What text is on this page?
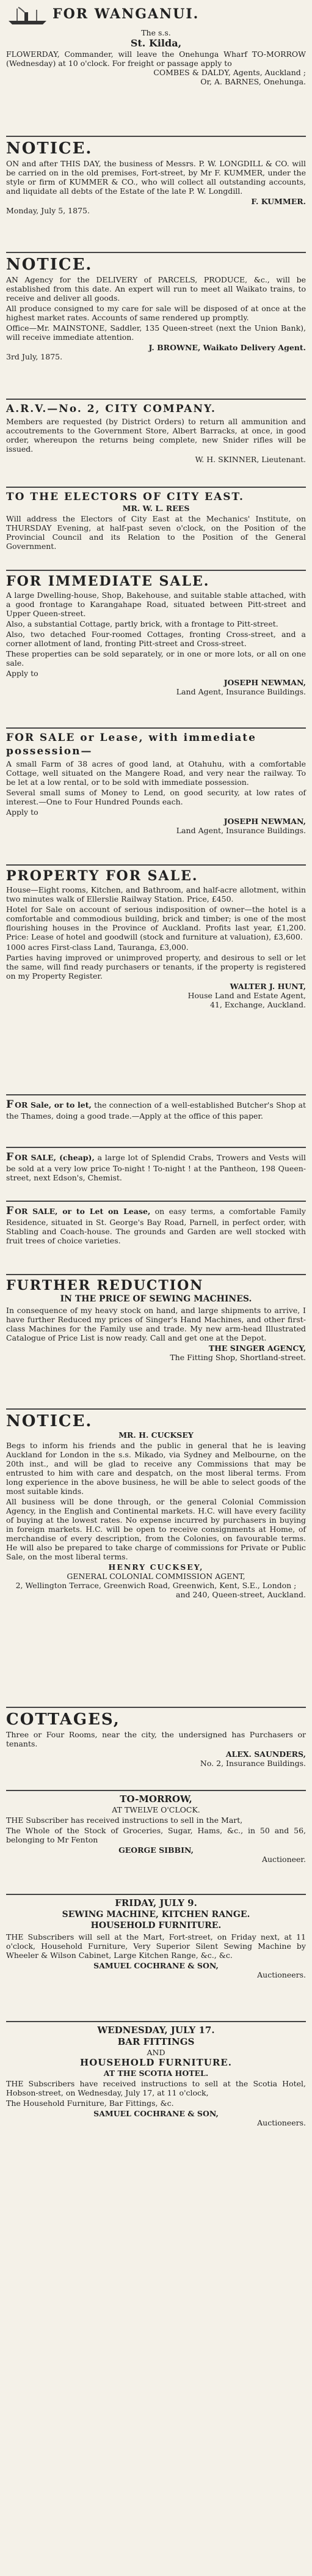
FOR WANGANUI.
The s.s.
St. Kilda,
FLOWERDAY, Commander, will leave the Onehunga Wharf TO-MORROW (Wednesday) at 10 o'clock. For freight or passage apply to
COMBES & DALDY, Agents, Auckland ;
Or, A. BARNES, Onehunga.
NOTICE.
ON and after THIS DAY, the business of Messrs. P. W. LONGDILL & CO. will be carried on in the old premises, Fort-street, by Mr F. KUMMER, under the style or firm of KUMMER & CO., who will collect all outstanding accounts, and liquidate all debts of the Estate of the late P. W. Longdill.
F. KUMMER.
Monday, July 5, 1875.
NOTICE.
AN Agency for the DELIVERY of PARCELS, PRODUCE, &c., will be established from this date. An expert will run to meet all Waikato trains, to receive and deliver all goods.
All produce consigned to my care for sale will be disposed of at once at the highest market rates. Accounts of same rendered up promptly.
Office—Mr. MAINSTONE, Saddler, 135 Queen-street (next the Union Bank), will receive immediate attention.
J. BROWNE, Waikato Delivery Agent.
3rd July, 1875.
A.R.V.—No. 2, CITY COMPANY.
Members are requested (by District Orders) to return all ammunition and accoutrements to the Government Store, Albert Barracks, at once, in good order, whereupon the returns being complete, new Snider rifles will be issued.
W. H. SKINNER, Lieutenant.
TO THE ELECTORS OF CITY EAST.
MR. W. L. REES
Will address the Electors of City East at the Mechanics' Institute, on THURSDAY Evening, at half-past seven o'clock, on the Position of the Provincial Council and its Relation to the Position of the General Government.
FOR IMMEDIATE SALE.
A large Dwelling-house, Shop, Bakehouse, and suitable stable attached, with a good frontage to Karangahape Road, situated between Pitt-street and Upper Queen-street.
Also, a substantial Cottage, partly brick, with a frontage to Pitt-street.
Also, two detached Four-roomed Cottages, fronting Cross-street, and a corner allotment of land, fronting Pitt-street and Cross-street.
These properties can be sold separately, or in one or more lots, or all on one sale.
Apply to
JOSEPH NEWMAN,
Land Agent, Insurance Buildings.
FOR SALE or Lease, with immediate possession—
A small Farm of 38 acres of good land, at Otahuhu, with a comfortable Cottage, well situated on the Mangere Road, and very near the railway. To be let at a low rental, or to be sold with immediate possession.
Several small sums of Money to Lend, on good security, at low rates of interest.—One to Four Hundred Pounds each.
Apply to
JOSEPH NEWMAN,
Land Agent, Insurance Buildings.
PROPERTY FOR SALE.
House—Eight rooms, Kitchen, and Bathroom, and half-acre allotment, within two minutes walk of Ellerslie Railway Station. Price, £450.
Hotel for Sale on account of serious indisposition of owner—the hotel is a comfortable and commodious building, brick and timber; is one of the most flourishing houses in the Province of Auckland. Profits last year, £1,200. Price: Lease of hotel and goodwill (stock and furniture at valuation), £3,600.
1000 acres First-class Land, Tauranga, £3,000.
Parties having improved or unimproved property, and desirous to sell or let the same, will find ready purchasers or tenants, if the property is registered on my Property Register.
WALTER J. HUNT,
House Land and Estate Agent,
41, Exchange, Auckland.
FOR Sale, or to let, the connection of a well-established Butcher's Shop at the Thames, doing a good trade.—Apply at the office of this paper.
FOR SALE, (cheap), a large lot of Splendid Crabs, Trowers and Vests will be sold at a very low price To-night ! To-night ! at the Pantheon, 198 Queen-street, next Edson's, Chemist.
FOR SALE, or to Let on Lease, on easy terms, a comfortable Family Residence, situated in St. George's Bay Road, Parnell, in perfect order, with Stabling and Coach-house. The grounds and Garden are well stocked with fruit trees of choice varieties.
FURTHER REDUCTION
IN THE PRICE OF SEWING MACHINES.
In consequence of my heavy stock on hand, and large shipments to arrive, I have further Reduced my prices of Singer's Hand Machines, and other first-class Machines for the Family use and trade. My new arm-head Illustrated Catalogue of Price List is now ready. Call and get one at the Depot.
THE SINGER AGENCY,
The Fitting Shop, Shortland-street.
NOTICE.
MR. H. CUCKSEY
Begs to inform his friends and the public in general that he is leaving Auckland for London in the s.s. Mikado, via Sydney and Melbourne, on the 20th inst., and will be glad to receive any Commissions that may be entrusted to him with care and despatch, on the most liberal terms. From long experience in the above business, he will be able to select goods of the most suitable kinds.
All business will be done through, or the general Colonial Commission Agency, in the English and Continental markets. H.C. will have every facility of buying at the lowest rates. No expense incurred by purchasers in buying in foreign markets. H.C. will be open to receive consignments at Home, of merchandise of every description, from the Colonies, on favourable terms. He will also be prepared to take charge of commissions for Private or Public Sale, on the most liberal terms.
HENRY CUCKSEY,
GENERAL COLONIAL COMMISSION AGENT,
2, Wellington Terrace, Greenwich Road, Greenwich, Kent, S.E., London ;
and 240, Queen-street, Auckland.
COTTAGES,
Three or Four Rooms, near the city, the undersigned has Purchasers or tenants.
ALEX. SAUNDERS,
No. 2, Insurance Buildings.
TO-MORROW,
AT TWELVE O'CLOCK.
THE Subscriber has received instructions to sell in the Mart,
The Whole of the Stock of Groceries, Sugar, Hams, &c., in 50 and 56, belonging to Mr Fenton
GEORGE SIBBIN,
Auctioneer.
FRIDAY, JULY 9.
SEWING MACHINE, KITCHEN RANGE.
HOUSEHOLD FURNITURE.
THE Subscribers will sell at the Mart, Fort-street, on Friday next, at 11 o'clock, Household Furniture, Very Superior Silent Sewing Machine by Wheeler & Wilson Cabinet, Large Kitchen Range, &c., &c.
SAMUEL COCHRANE & SON,
Auctioneers.
WEDNESDAY, JULY 17.
BAR FITTINGS
AND
HOUSEHOLD FURNITURE.
AT THE SCOTIA HOTEL.
THE Subscribers have received instructions to sell at the Scotia Hotel, Hobson-street, on Wednesday, July 17, at 11 o'clock,
The Household Furniture, Bar Fittings, &c.
SAMUEL COCHRANE & SON,
Auctioneers.
